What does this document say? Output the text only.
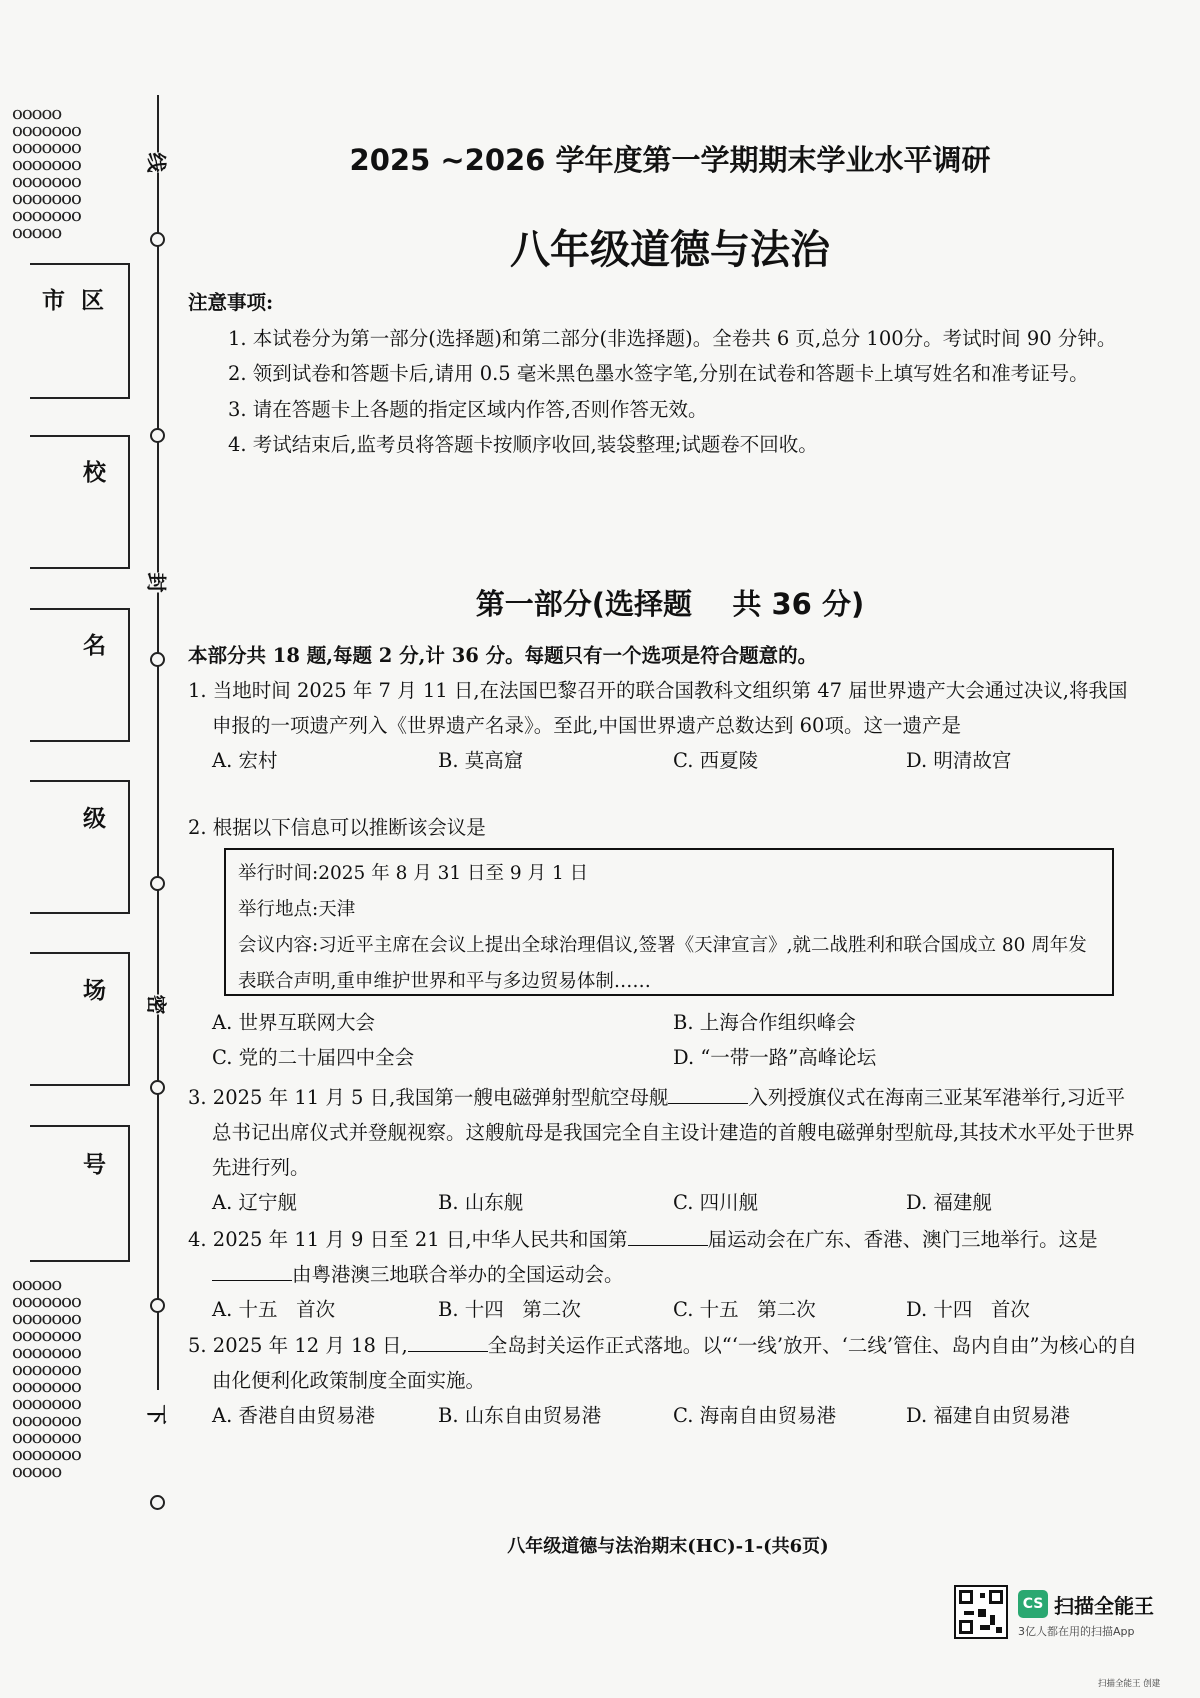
ooooo
ooooooo
ooooooo
ooooooo
ooooooo
ooooooo
ooooooo
ooooo
ooooo
ooooooo
ooooooo
ooooooo
ooooooo
ooooooo
ooooooo
ooooooo
ooooooo
ooooooo
ooooooo
ooooo
线
封
密
下
市 区
校
名
级
场
号
2025 ~2026 学年度第一学期期末学业水平调研
八年级道德与法治
注意事项:

1. 本试卷分为第一部分(选择题)和第二部分(非选择题)。全卷共 6 页,总分 100分。考试时间 90 分钟。

2. 领到试卷和答题卡后,请用 0.5 毫米黑色墨水签字笔,分别在试卷和答题卡上填写姓名和准考证号。

3. 请在答题卡上各题的指定区域内作答,否则作答无效。

4. 考试结束后,监考员将答题卡按顺序收回,装袋整理;试题卷不回收。

第一部分(选择题    共 36 分)
本部分共 18 题,每题 2 分,计 36 分。每题只有一个选项是符合题意的。
1. 当地时间 2025 年 7 月 11 日,在法国巴黎召开的联合国教科文组织第 47 届世界遗产大会通过决议,将我国申报的一项遗产列入《世界遗产名录》。至此,中国世界遗产总数达到 60项。这一遗产是
A. 宏村	B. 莫高窟	C. 西夏陵	D. 明清故宫
2. 根据以下信息可以推断该会议是
举行时间:2025 年 8 月 31 日至 9 月 1 日
举行地点:天津
会议内容:习近平主席在会议上提出全球治理倡议,签署《天津宣言》,就二战胜利和联合国成立 80 周年发表联合声明,重申维护世界和平与多边贸易体制……
A. 世界互联网大会	B. 上海合作组织峰会
C. 党的二十届四中全会	D. “一带一路”高峰论坛
3. 2025 年 11 月 5 日,我国第一艘电磁弹射型航空母舰	入列授旗仪式在海南三亚某军港举行,习近平总书记出席仪式并登舰视察。这艘航母是我国完全自主设计建造的首艘电磁弹射型航母,其技术水平处于世界先进行列。
A. 辽宁舰	B. 山东舰	C. 四川舰	D. 福建舰
4. 2025 年 11 月 9 日至 21 日,中华人民共和国第	届运动会在广东、香港、澳门三地举行。这是由粤港澳三地联合举办的全国运动会。
A. 十五   首次	B. 十四   第二次	C. 十五   第二次	D. 十四   首次
5. 2025 年 12 月 18 日,	全岛封关运作正式落地。以“‘一线’放开、‘二线’管住、岛内自由”为核心的自由化便利化政策制度全面实施。
A. 香港自由贸易港	B. 山东自由贸易港	C. 海南自由贸易港	D. 福建自由贸易港
八年级道德与法治期末(HC)-1-(共6页)
CS 扫描全能王
3亿人都在用的扫描App
扫描全能王 创建
